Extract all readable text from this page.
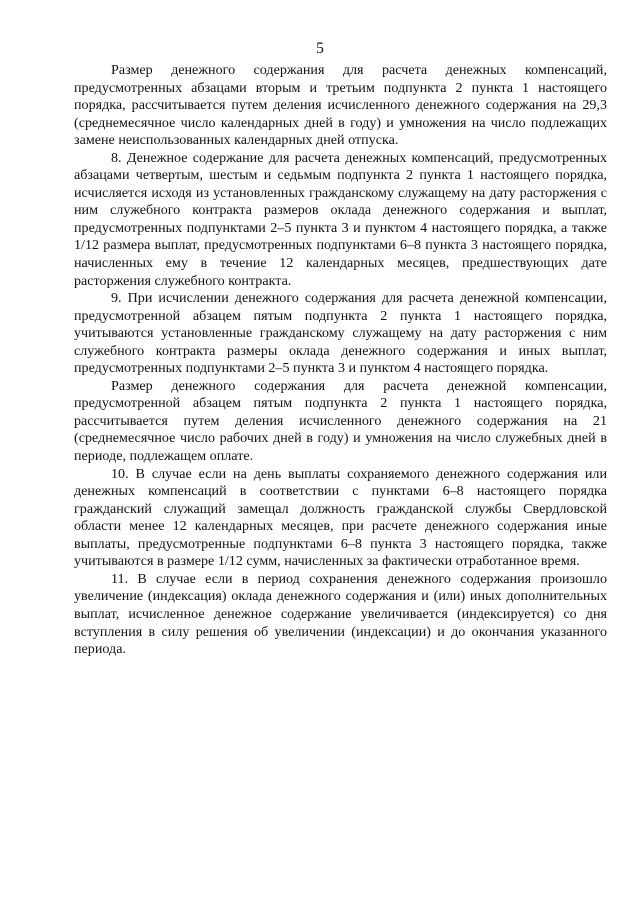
5

Размер денежного содержания для расчета денежных компенсаций, предусмотренных абзацами вторым и третьим подпункта 2 пункта 1 настоящего порядка, рассчитывается путем деления исчисленного денежного содержания на 29,3 (среднемесячное число календарных дней в году) и умножения на число подлежащих замене неиспользованных календарных дней отпуска.

8. Денежное содержание для расчета денежных компенсаций, предусмотренных абзацами четвертым, шестым и седьмым подпункта 2 пункта 1 настоящего порядка, исчисляется исходя из установленных гражданскому служащему на дату расторжения с ним служебного контракта размеров оклада денежного содержания и выплат, предусмотренных подпунктами 2–5 пункта 3 и пунктом 4 настоящего порядка, а также 1/12 размера выплат, предусмотренных подпунктами 6–8 пункта 3 настоящего порядка, начисленных ему в течение 12 календарных месяцев, предшествующих дате расторжения служебного контракта.

9. При исчислении денежного содержания для расчета денежной компенсации, предусмотренной абзацем пятым подпункта 2 пункта 1 настоящего порядка, учитываются установленные гражданскому служащему на дату расторжения с ним служебного контракта размеры оклада денежного содержания и иных выплат, предусмотренных подпунктами 2–5 пункта 3 и пунктом 4 настоящего порядка.

Размер денежного содержания для расчета денежной компенсации, предусмотренной абзацем пятым подпункта 2 пункта 1 настоящего порядка, рассчитывается путем деления исчисленного денежного содержания на 21 (среднемесячное число рабочих дней в году) и умножения на число служебных дней в периоде, подлежащем оплате.

10. В случае если на день выплаты сохраняемого денежного содержания или денежных компенсаций в соответствии с пунктами 6–8 настоящего порядка гражданский служащий замещал должность гражданской службы Свердловской области менее 12 календарных месяцев, при расчете денежного содержания иные выплаты, предусмотренные подпунктами 6–8 пункта 3 настоящего порядка, также учитываются в размере 1/12 сумм, начисленных за фактически отработанное время.

11. В случае если в период сохранения денежного содержания произошло увеличение (индексация) оклада денежного содержания и (или) иных дополнительных выплат, исчисленное денежное содержание увеличивается (индексируется) со дня вступления в силу решения об увеличении (индексации) и до окончания указанного периода.
